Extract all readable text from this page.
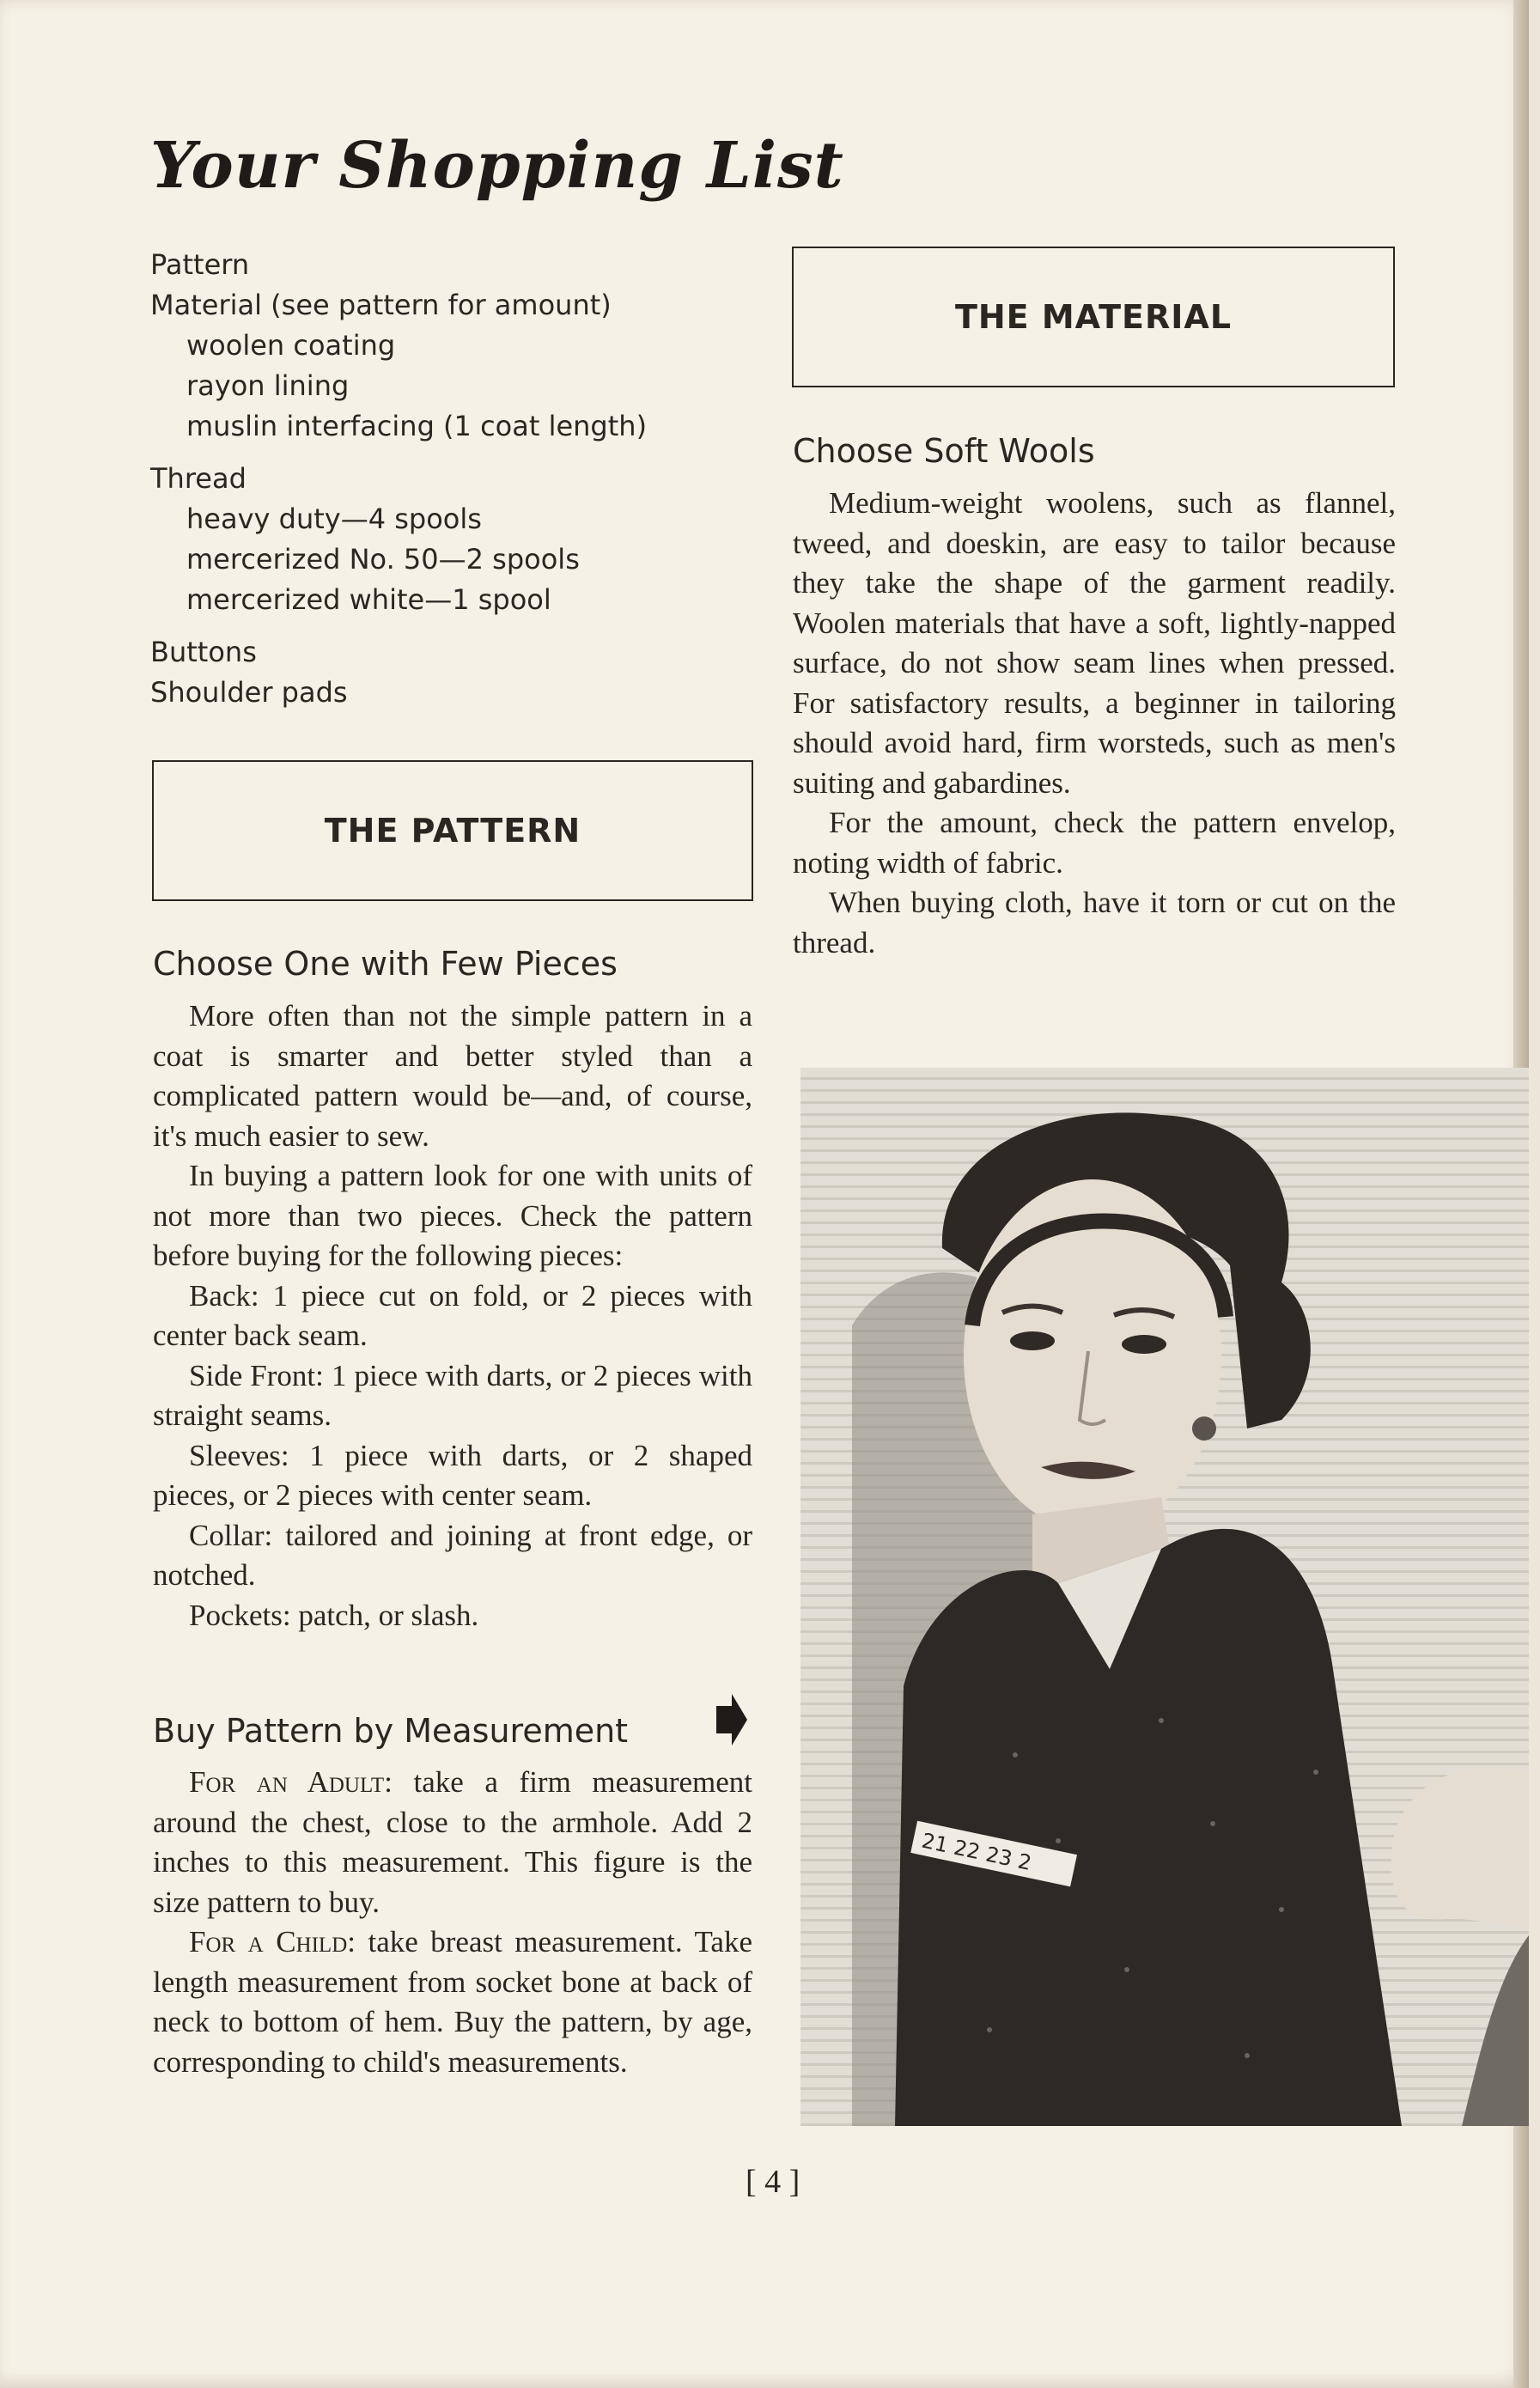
Your Shopping List
Pattern
Material (see pattern for amount)
woolen coating
rayon lining
muslin interfacing (1 coat length)
Thread
heavy duty—4 spools
mercerized No. 50—2 spools
mercerized white—1 spool
Buttons
Shoulder pads
THE PATTERN
Choose One with Few Pieces

More often than not the simple pattern in a coat is smarter and better styled than a complicated pattern would be—and, of course, it's much easier to sew.

In buying a pattern look for one with units of not more than two pieces. Check the pattern before buying for the following pieces:

Back: 1 piece cut on fold, or 2 pieces with center back seam.

Side Front: 1 piece with darts, or 2 pieces with straight seams.

Sleeves: 1 piece with darts, or 2 shaped pieces, or 2 pieces with center seam.

Collar: tailored and joining at front edge, or notched.

Pockets: patch, or slash.

Buy Pattern by Measurement

For an Adult: take a firm measurement around the chest, close to the armhole. Add 2 inches to this measurement. This figure is the size pattern to buy.

For a Child: take breast measurement. Take length measurement from socket bone at back of neck to bottom of hem. Buy the pattern, by age, corresponding to child's measurements.

THE MATERIAL
Choose Soft Wools

Medium-weight woolens, such as flannel, tweed, and doeskin, are easy to tailor because they take the shape of the garment readily. Woolen materials that have a soft, lightly-napped surface, do not show seam lines when pressed. For satisfactory results, a beginner in tailoring should avoid hard, firm worsteds, such as men's suiting and gabardines.

For the amount, check the pattern envelop, noting width of fabric.

When buying cloth, have it torn or cut on the thread.

21 22 23 2
[ 4 ]
